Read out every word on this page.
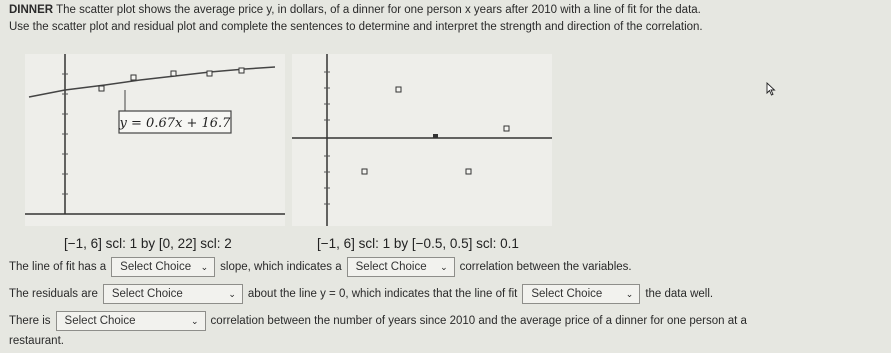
DINNER The scatter plot shows the average price y, in dollars, of a dinner for one person x years after 2010 with a line of fit for the data.
Use the scatter plot and residual plot and complete the sentences to determine and interpret the strength and direction of the correlation.
y = 0.67x + 16.7
[−1, 6] scl: 1 by [0, 22] scl: 2	[−1, 6] scl: 1 by [−0.5, 0.5] scl: 0.1
The line of fit has a Select Choice ⌄ slope, which indicates a Select Choice ⌄ correlation between the variables.
The residuals are Select Choice	⌄ about the line y = 0, which indicates that the line of fit Select Choice	⌄ the data well.
There is Select Choice	⌄ correlation between the number of years since 2010 and the average price of a dinner for one person at a
restaurant.
